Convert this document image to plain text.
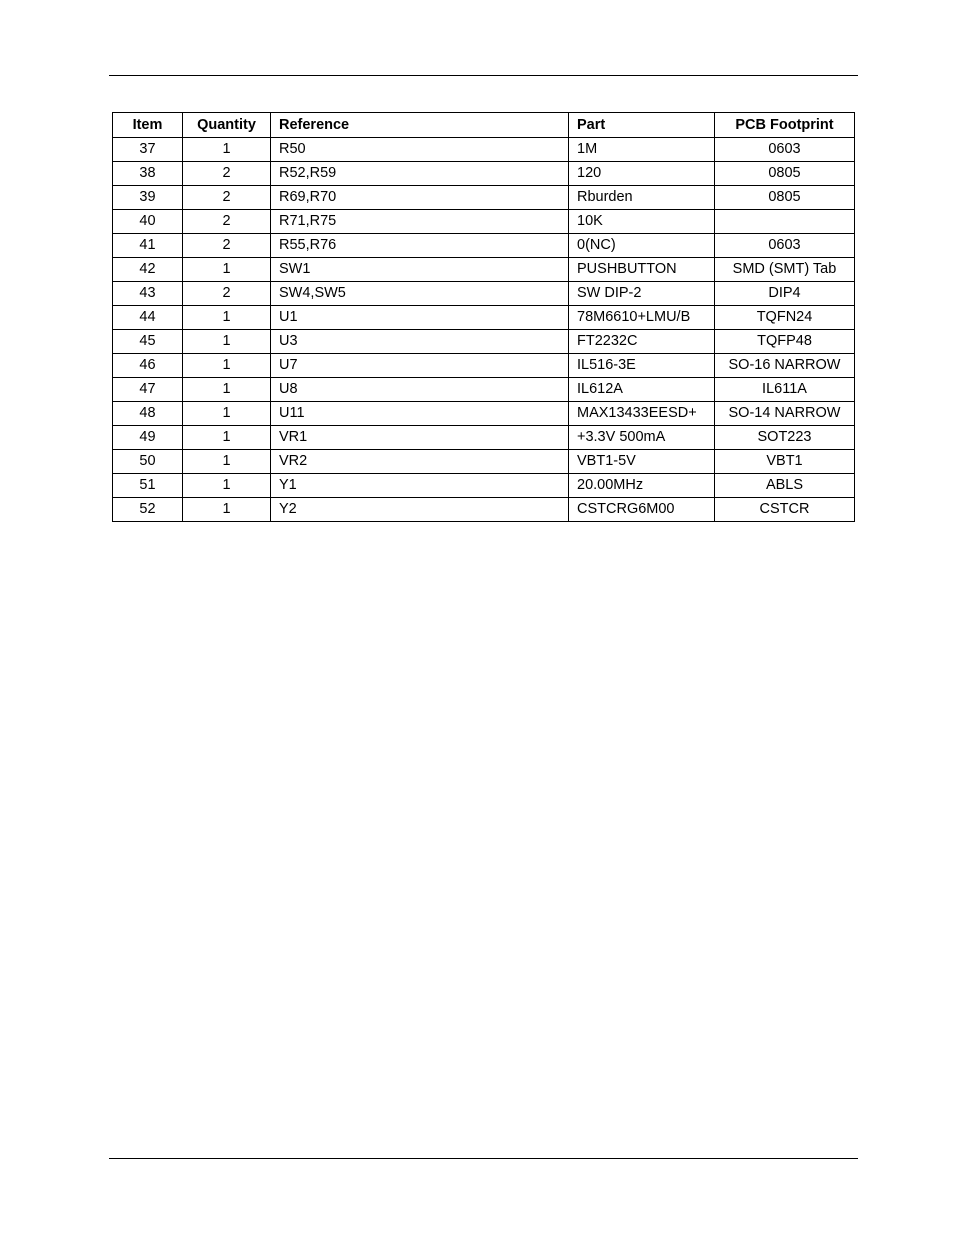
Item	Quantity	Reference	Part	PCB Footprint
37	1	R50	1M	0603
38	2	R52,R59	120	0805
39	2	R69,R70	Rburden	0805
40	2	R71,R75	10K	
41	2	R55,R76	0(NC)	0603
42	1	SW1	PUSHBUTTON	SMD (SMT) Tab
43	2	SW4,SW5	SW DIP-2	DIP4
44	1	U1	78M6610+LMU/B	TQFN24
45	1	U3	FT2232C	TQFP48
46	1	U7	IL516-3E	SO-16 NARROW
47	1	U8	IL612A	IL611A
48	1	U11	MAX13433EESD+	SO-14 NARROW
49	1	VR1	+3.3V 500mA	SOT223
50	1	VR2	VBT1-5V	VBT1
51	1	Y1	20.00MHz	ABLS
52	1	Y2	CSTCRG6M00	CSTCR
